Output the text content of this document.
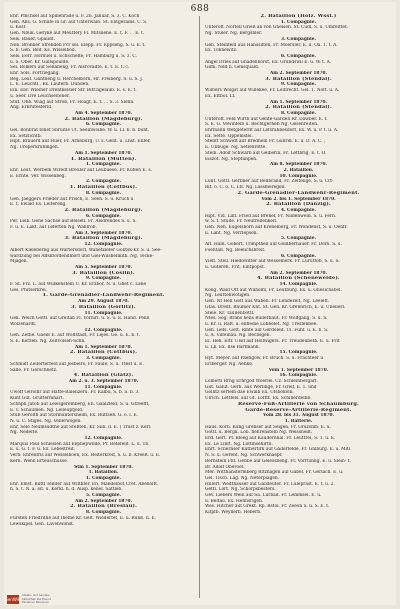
688
Ehr. Pflichsel auf Spillenrade u. F. 26. Januar, S. 3. C. Koch
Geh. Ans. G. Schafe in Gr. auf Unterwalb. St. Entgeradis. C. S.
u. Kost
Gen. Nbuk. Geryke auf Meuttery Fl. Mitsiiene. E. t. F. . . E. t.
Sels. Bauer. Gpaiidt.
Nob. Bronner Sfrenden Pcr sel. Elepp. Fr. Eppseng. S. u. E. t.
S. b. Gen. Beif. Ks. Wisselbod.
Sels. Eerr. Hornuel u. Echschelte, Fr. Hamburg u. S. 3. C.
u. S. Ober. Kr. Gallspoulde.
Sei. Bolkers auf Sellaneng, Fr. Alsrovadte. E. t. E. t. c.
Ehr. Sols. Fortriegang.
Beg. Leut. Gantneng u. Herchelborn, Hr. Freiberg. S. u. S. J.
L. E. Leuchtl., Ex. Lauterb. Dunden.
Ein. Ebr. Wleiner Drentkelsier Sfr. Bitr.ngelaub. E. s. E. t.
u. Seer. Dre Leuchseitener.
Stut. Obb. Wiag auf Stroß, Fr. Hoagt, E. t. ... S. 3. Sienn.
Ang. Erkrutesferid.
Am 4. September 1870.
2. Bataillon (Magdeburg).
6. Compagnie.
Gel. Bonbrat tenet Sbruitle Ut. Seeinwoibe. W. u. Ll. b. b. bunt.
Ex. Setzlichtb.
Hipt. Brauerd auf Huer, Fr. Arnnburg, U. s. Gent. u. Lnst. Enfer.
Ng. Ureperkruhmgen.
Am 1. September 1870.
1. Bataillon (Mutten).
1. Compagnie.
Ehr. Leut. Werbem Wiredt Breuler auf Leubuese, Fr. Kuflen E. s.
E. Ernte. Ver. Wissenbeg.
2. Compagnie.
1. Bataillon (Cottbus).
8. Compagnie.
Gen. Jaeggers Frieder auf Prisch, E. Seen. S. u. Kruch u
E. t. Ewald Ex. Leitereng.
2. Bataillon (Magdeburg).
6. Compagnie.
Per. Lelb. Gene Sachse auf Belsetl. Fr. Alsdrendes S. u. S.
F. u. E. Lakt. auf Leferten Ng. Wahlrob.
Am 3. September 1870.
3. Bataillon (Magdeburg).
12. Compagnie.
Albert Kleleberng aus Wartersdorf, Wanetziefer Golitsk-Kr. S. u. See-
wardzung bei Affskfordendmorf und Giel-Wilshelmith. Ng. Tecke-
Mjagen.
Am 5. September 1870.
3. Bataillon (Cöslin).
9. Compagnie.
F. St. Frz. L. auf Wulkenstein U. Kr. Erzbor, N. u. Ghet c. Lane
Ges. Pfutserkrei.
1. Garde-Grenadier-Landwehr-Regiment.
Am 29. August 1870.
3. Bataillon (Görlitz).
11. Compagnie.
Gek. Weich Gottl. auf Greitan Fl. Vornirl. u. S. u. E. Hand. Penn
Wolzehardt.
12. Compagnie.
Geh. Zethe. Gaeiß E. auf Wolfstadt, Fr. Lejes. Ge. u. E. b. t.
S. E. Kerzeb. Ng. Zeltvolsen-Schn.
Am 1. September 1870.
2. Bataillon (Cottbus).
3. Compagnie.
Schmidt Zeiferterfeld auf Jesbiers, Fr. Faule, S. u. Ttest u. E.
Salle. Fr. Gerschnetz.
4. Bataillon (Glatz).
Am 2. u. 3. September 1870.
11. Compagnie.
Uwoff Gerolhr auf Hatte-Ralenzeru. Fr. Kalbu, S. b. S. b. 3.
Kunt Gut. Gruttermhart.
Schnph Jatob auf Lewsgeremberg, En. Gaalzfeld, S. u. Gtreefft,
E. v. Schaumen. Ng. Lelleupfjeld.
Stuß Gerolth auf Stormuntersheim, Ex. Ruttseb. G. o. l. E.
N. u. C. Stiges. Ng. Vellerwsgen.
Ehr. Sele Neumsüdthe auf Steßten, Kr. Siin. d. E. ( Trust z. Kerl.
Ng. Nederle.
12. Compagnie.
Marquis Paul Schlesien auf Eepnepwilde, Pr. Betefeld. L. u. Tb.
E. u. G. t. F. u. Ex. Lebestreit.
Vern. Ehrenfris auf Wesselboen, Ex. Heiterkreif, S. u. b. Kreeß. u. E.
Kern. Wenn Erteuschusse.
Stm 1. September 1870.
1. Bataillon.
1. Compagnie.
Ehr. Emst. Buttl Tender auf Wilthfer, En. Mandelbot Cret. Abenoltt.
n. S. t. N. a. Ist. u. Kerkl. n. d. Ausp. kenel. Sattleb.
5. Compagnie.
Am 2. September 1870.
2. Bataillon (Breslau).
8. Compagnie.
Fürsten Friedrithe auf Ibeme Kr. Gelt. Wiederfet, E. u. Rünß. n. E.
Lewskipel. Gen. Lavenwonst.
2. Bataillon (Holz. Wsst.)
1. Compagnie.
Unteroff. Nortell Grieß an von Gneisen. St. Cudl. S. u. Umreiftet.
Ng. Stuler. Ng. Bergsbler.
3. Compagnie.
Geh. Steinfeld aus Hanssilten, Fr. Moersler, E. u. Oa. 1. t. A.
Ex. Tonnewitz.
6. Compagnie.
Angel Dries auf Gnadenhorst, Ex. Grundswil E. u. W. t. A.
Gilm. Ndd h. Gensquald.
Am 2. September 1870.
3. Bataillon (Stendal).
9. Compagnie.
Wilbers Wolgst auf Willekee, Fr. Lolbrecht. Gel. 1. Noft. u. A.
Ex. Ettbol. Lt.
Am 1. September 1870.
2. Bataillon (Stendal).
8. Compagnie.
Unteroff. Feld Wirth auf Gente-Gärden Rr. Dawber. E. t.
S. E. G. Vewinfelb u. Rechtgerheb Ng. Gesenreiten.
Ehrmann Wetgleterdt auf Lefsrahbesdorf, Ex. W. u. P. t. u. A.
Ex. Sette. Oppemstei.
Stenft Schwidt auf Bredhein Fr. Gullriß. E. u. D. A. C. ,
E. Ubbuge. Ng. Setlenrotte.
Stein. Adolf Schwarb auf Gelberin, Fr. Lettbrig. E. t. O.
Eiszot. Ng. Steptunpen.
Am 8. September 1870.
2. Bataillon.
10. Compagnie.
Lunt. Gottl. Gerbner auf Bellbrand, Fr. Zeltenge, S. u. Crt-
Rit. o. C. o. C. Ltr. Ng. Lassmeregen.
2. Garde-Grenadier-Landwehr-Regiment.
Vom 2. bis 1. September 1870.
2. Bataillon (Danzig).
4. Compagnie.
Hipt. Vid. Lint. Fried auf Brenef, Fr. Nildenweiß. S. u. Fern.
w. S. t. Stüde. Fr. Neutrellenkeit.
Geh. Neh. Eugelsborn auf Krenelberg, Fr. Wondenst, S. u. Oenfr.
u. Lant. Ng. Verrlepsen.
5. Compagnie.
Alt. Haln. Gobert. Trimpthell auf Goldberhauer. Fr. Dorn. S. u.
Fsentaß. Ng. Beelichsbreit.
6. Compagnie.
Vielt. Stell. Hiedowitter auf Wessemerk. Fr. Luruttob, S. u. S.
u. Guteren. Frit. Eintpopst.
Am 2. September 1870.
4. Bataillon (Schöneweide).
14. Compagnie.
Kong. Wäld Ott auf Wilhelm, Fr. Leutburg. Ex. u. Gnesichabel.
Ng. Leuttehwotigen.
Gen. Nf Hell Gett aus Waben. Fr. Lendezeit, Ng. Leeleft.
Gtas. Dredt. Bnumer Knt. St. Gen. Kr. Grennrich, E. u. Uneberl.
Stele. Kr. Taunenböttl.
Ntes. Seg. Brans hens Bullerbaut. Fr. Wolfgang, S. u. S.
u. Kr. u. Raft. a. enfledie Lobbelet. Ng. Tresfenbee.
Geh. Gefs. Gott. Rinte auf Gerdeleit. Ul. Fünf. u. E. b. S.
u. A. Vilfeinau. Ng. Bechsgen.
Ei. Heh. Eltr. Ulsd auf Hellwigers. Fr. Treudeubeth. E. u. Frit
u. Lb. Ex. Ilse Bartmann.
15. Compagnie.
Hyt. Meyer. auf Paefigow, Fr. Bruch. S. u. Frachfeer u
Erlberger. Ng. Aenke.
Vom 1. September 1870.
16. Compagnie.
Lomerti Rrng Erhrgod Woerlei. Cz. Schleinbergarf.
Gut. Galüt. Gerh. aus Werlinge, Fr. Greif, E. 1. und
Gollitz sertem dae Ewalb Ex. Ufsbokoln.
Ulrich. Lettfels. auf Gt. Lofttt. Ex. Schinerdelbb.
Reserve-Fuß-Artillerie von Schaumburg.
Garde-Reserve-Artillerie-Regiment.
Vom 28. bis 31. August 1870.
1. Batterie.
Haus. Korn. Kung Grenser auf Seigen, Fr. Gruzsnm. E. u.
Gottl. u. Bergk. Lob. fiehrenstelb Ng. Weissnellt.
Erd. Gert. Pf. Bleeg auf Kaudernhal. Fr. Leuttrel, S. 1. u. E.
Ex. Le Linft. Ng. Lottmsehirtn.
Ehrt. Schernser Kuthertirk auf Gaderfelde, Fr. Gnlburg. E. u. Mitl.
N. S. u. Gerent. Ng. Schwerkhaepr.
Bernstein Flit. Gebbe auf Gelessßeng. Fr. Vorrtshng. E. u. Slein- t.
Br. Adolf Oberoet.
Mer. Witthanstermberg Ritzhagen auf Gabel. Fr. Gerlach. E. u.
Gel. Tisch. Lag. Ng. Neterpiagen.
Hillert. Wedthauser auf Galsfeuter. Fr. Luleprast. E. t. u. 2.
Gettl. Lort. Ng. Schorpsbesters.
Gev. Liebers Wein auf Sa. Lurbad. Fr. Lemmsel. E. u.
u. Beltau. Ex. Hennsrigen.
Wes. Hitcher auf Grekt. Rp. Bstoi. Fr. Zeeon S. u. S. E. t.
Kitpfb. Weyllerb. Heberb.
GenWiki
Staats- und Landes-
bibliothek Dortmund
Einzelner Personen
